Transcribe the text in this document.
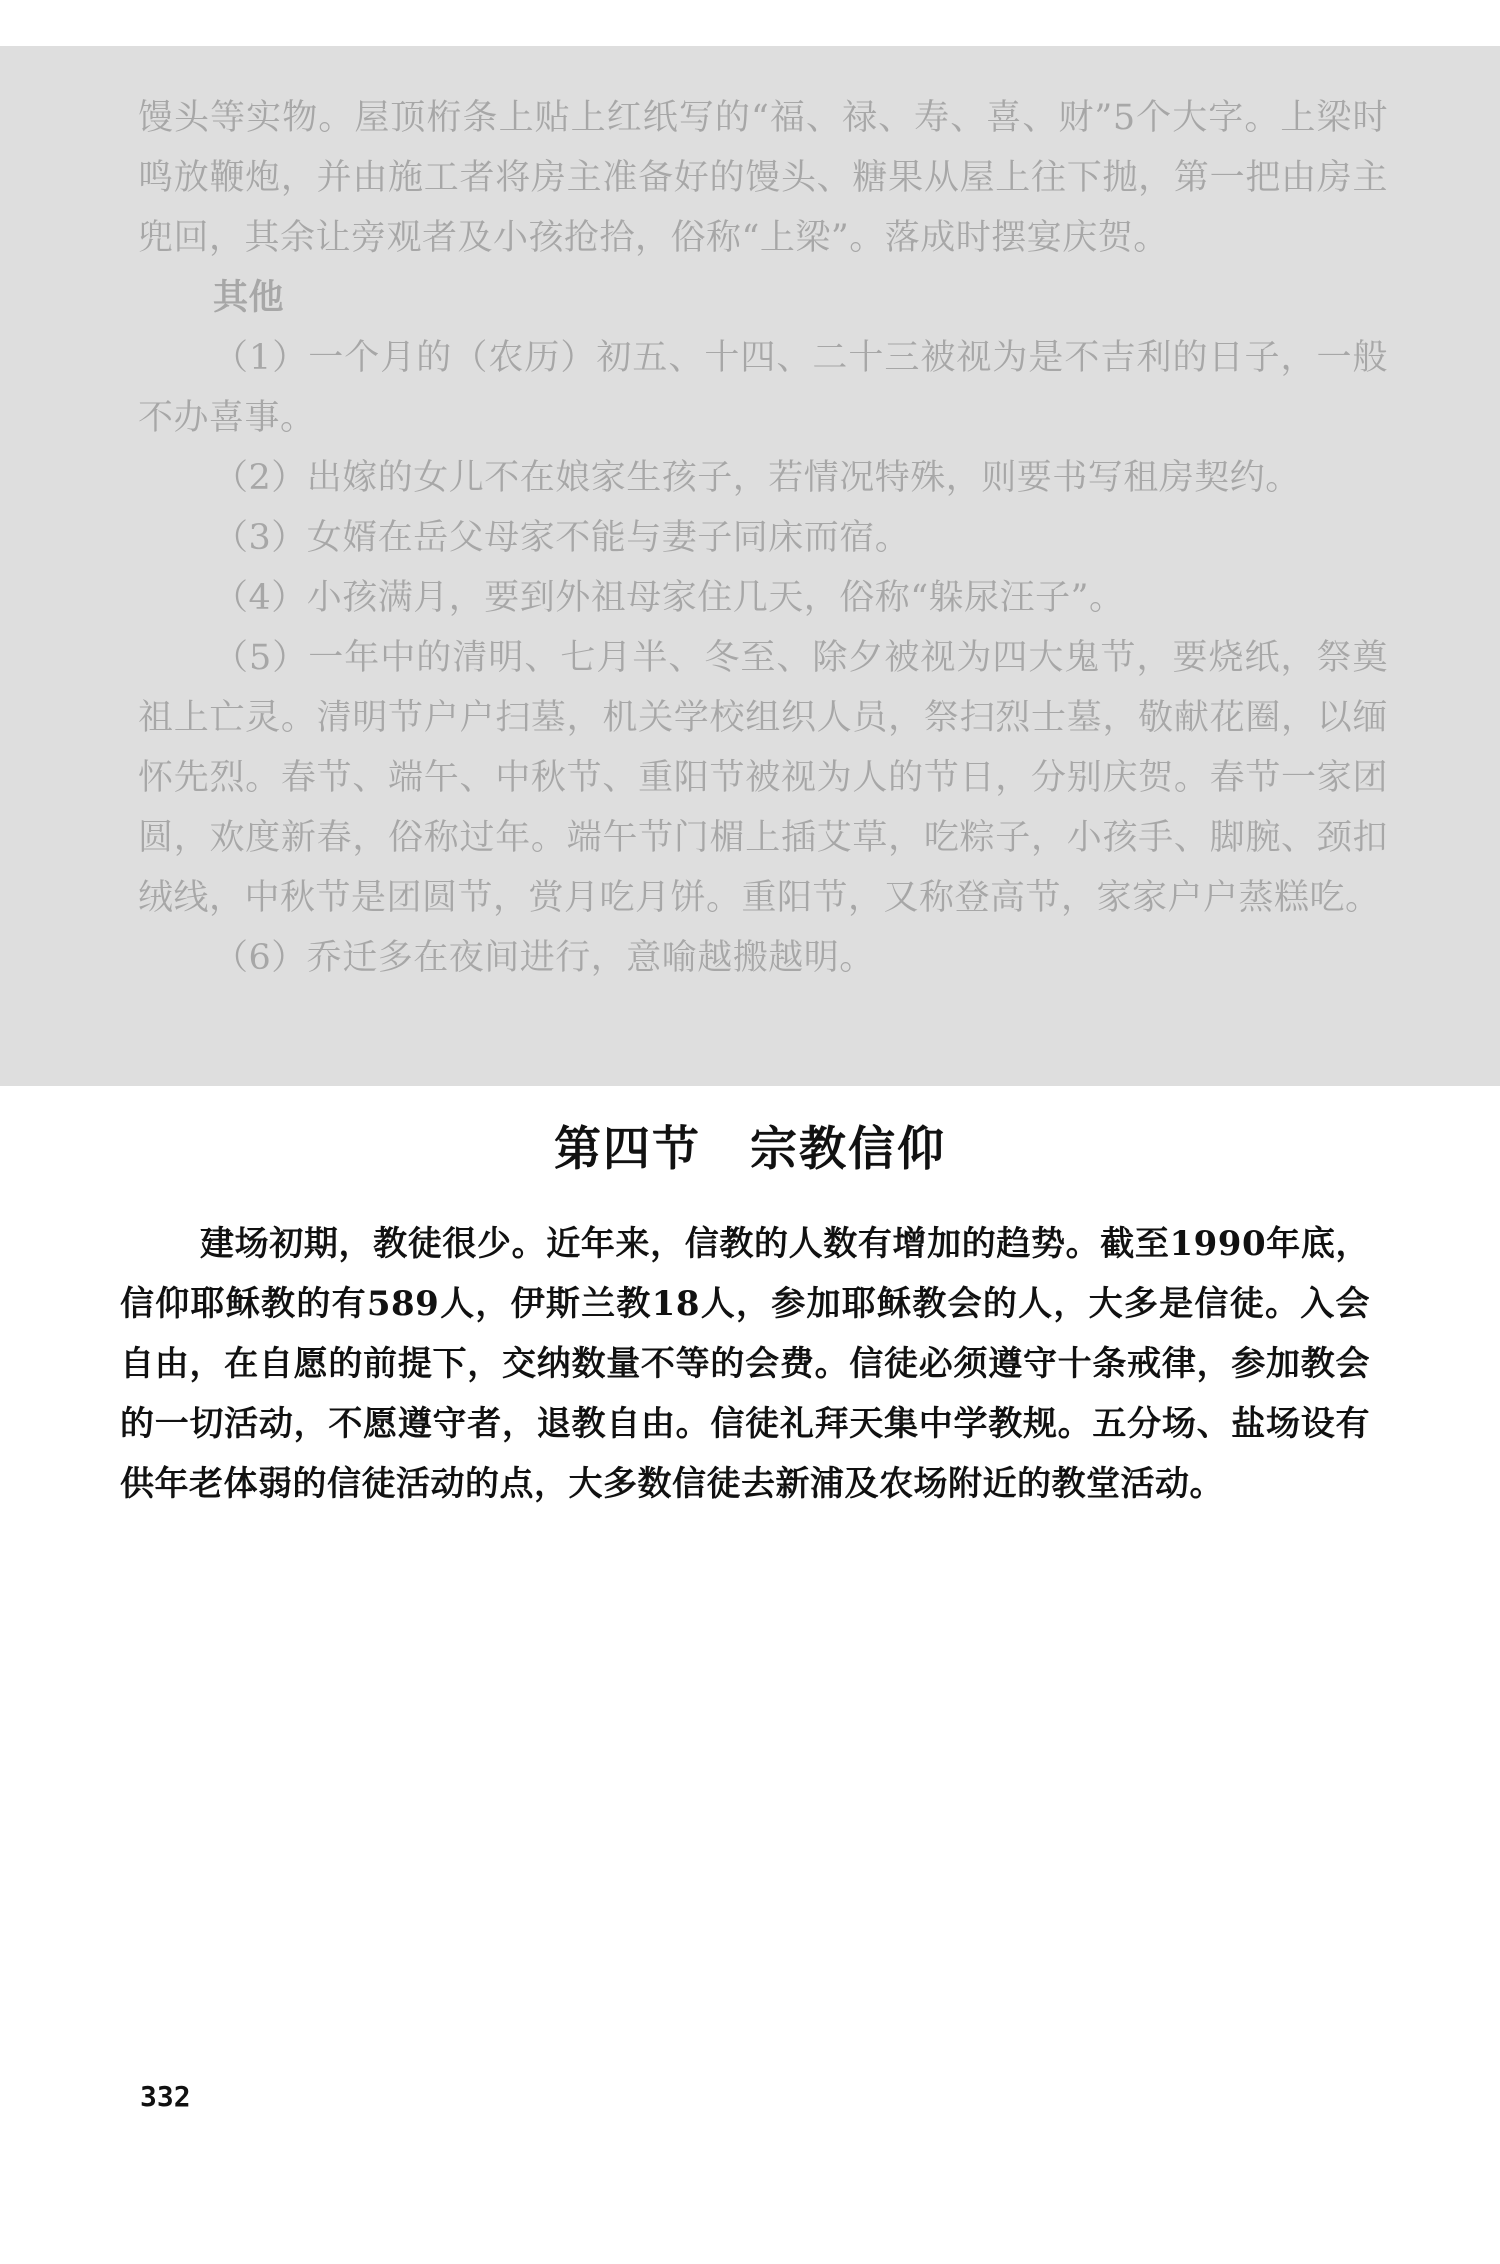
馒头等实物。屋顶桁条上贴上红纸写的“福、禄、寿、喜、财”5个大字。上梁时鸣放鞭炮，并由施工者将房主准备好的馒头、糖果从屋上往下抛，第一把由房主兜回，其余让旁观者及小孩抢拾，俗称“上梁”。落成时摆宴庆贺。

其他

（1）一个月的（农历）初五、十四、二十三被视为是不吉利的日子，一般不办喜事。

（2）出嫁的女儿不在娘家生孩子，若情况特殊，则要书写租房契约。

（3）女婿在岳父母家不能与妻子同床而宿。

（4）小孩满月，要到外祖母家住几天，俗称“躲尿汪子”。

（5）一年中的清明、七月半、冬至、除夕被视为四大鬼节，要烧纸，祭奠祖上亡灵。清明节户户扫墓，机关学校组织人员，祭扫烈士墓，敬献花圈，以缅怀先烈。春节、端午、中秋节、重阳节被视为人的节日，分别庆贺。春节一家团圆，欢度新春，俗称过年。端午节门楣上插艾草，吃粽子，小孩手、脚腕、颈扣绒线，中秋节是团圆节，赏月吃月饼。重阳节，又称登高节，家家户户蒸糕吃。

（6）乔迁多在夜间进行，意喻越搬越明。

第四节　宗教信仰

建场初期，教徒很少。近年来，信教的人数有增加的趋势。截至1990年底，信仰耶稣教的有589人，伊斯兰教18人，参加耶稣教会的人，大多是信徒。入会自由，在自愿的前提下，交纳数量不等的会费。信徒必须遵守十条戒律，参加教会的一切活动，不愿遵守者，退教自由。信徒礼拜天集中学教规。五分场、盐场设有供年老体弱的信徒活动的点，大多数信徒去新浦及农场附近的教堂活动。

332
